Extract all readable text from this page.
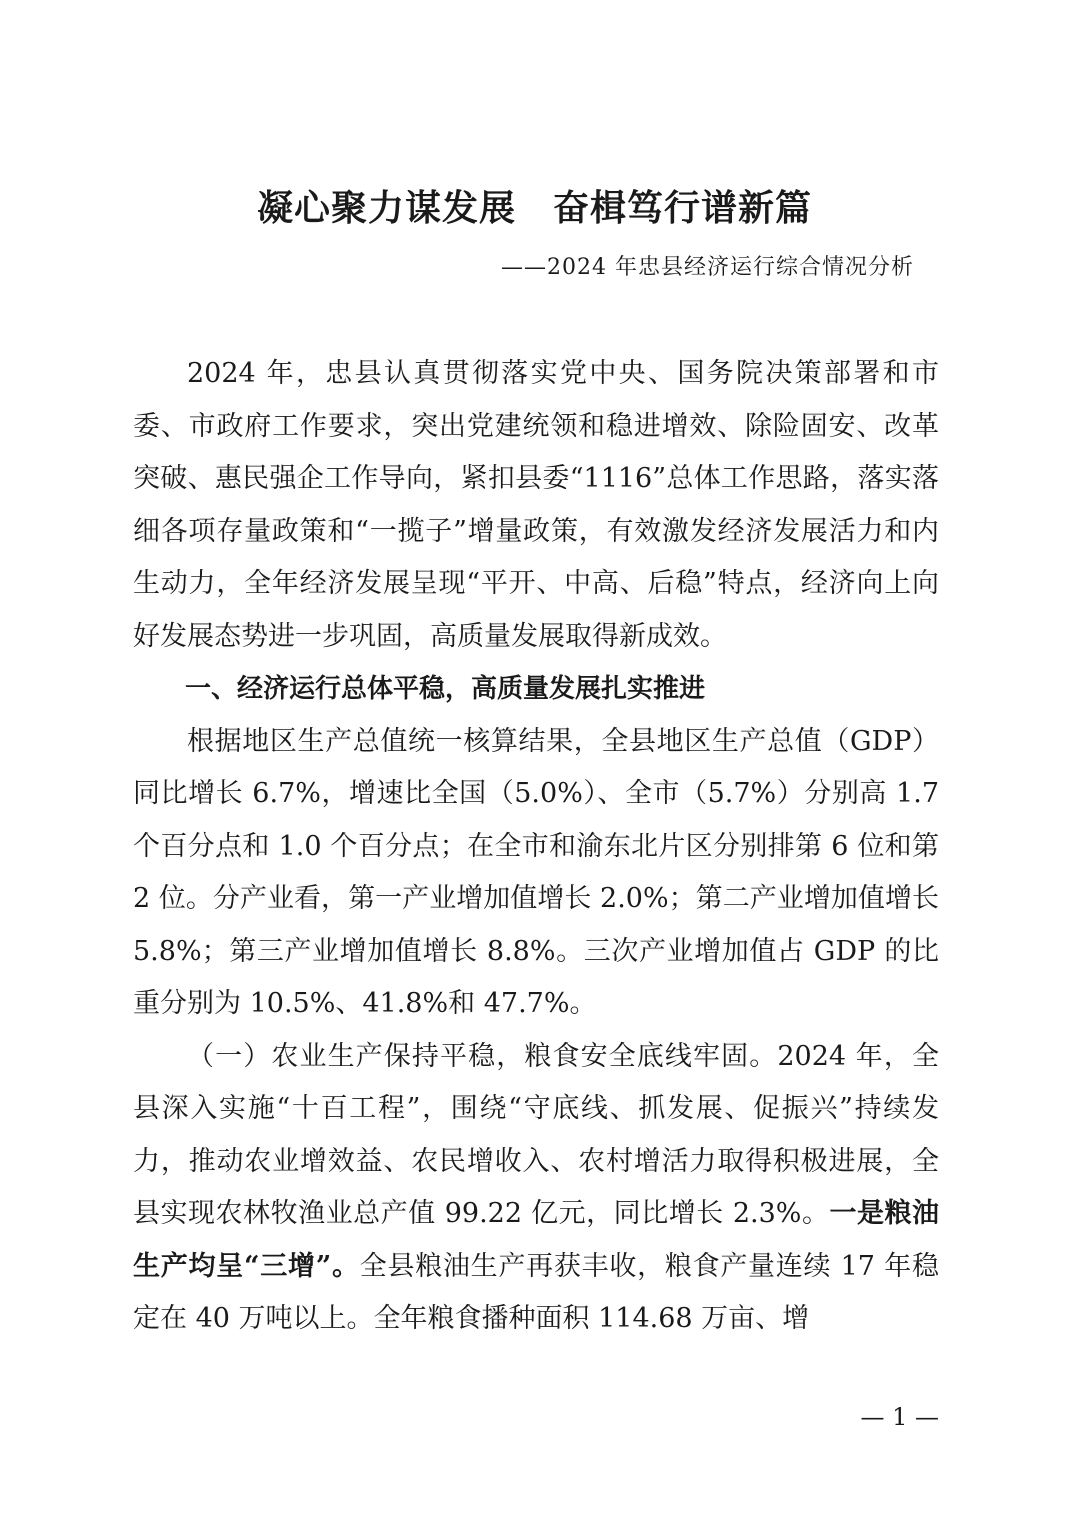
凝心聚力谋发展　奋楫笃行谱新篇

——2024 年忠县经济运行综合情况分析

2024 年，忠县认真贯彻落实党中央、国务院决策部署和市委、市政府工作要求，突出党建统领和稳进增效、除险固安、改革突破、惠民强企工作导向，紧扣县委“1116”总体工作思路，落实落细各项存量政策和“一揽子”增量政策，有效激发经济发展活力和内生动力，全年经济发展呈现“平开、中高、后稳”特点，经济向上向好发展态势进一步巩固，高质量发展取得新成效。

一、经济运行总体平稳，高质量发展扎实推进

根据地区生产总值统一核算结果，全县地区生产总值（GDP）同比增长 6.7%，增速比全国（5.0%）、全市（5.7%）分别高 1.7 个百分点和 1.0 个百分点；在全市和渝东北片区分别排第 6 位和第 2 位。分产业看，第一产业增加值增长 2.0%；第二产业增加值增长 5.8%；第三产业增加值增长 8.8%。三次产业增加值占 GDP 的比重分别为 10.5%、41.8%和 47.7%。

（一）农业生产保持平稳，粮食安全底线牢固。2024 年，全县深入实施“十百工程”，围绕“守底线、抓发展、促振兴”持续发力，推动农业增效益、农民增收入、农村增活力取得积极进展，全县实现农林牧渔业总产值 99.22 亿元，同比增长 2.3%。一是粮油生产均呈“三增”。全县粮油生产再获丰收，粮食产量连续 17 年稳定在 40 万吨以上。全年粮食播种面积 114.68 万亩、增

— 1 —
